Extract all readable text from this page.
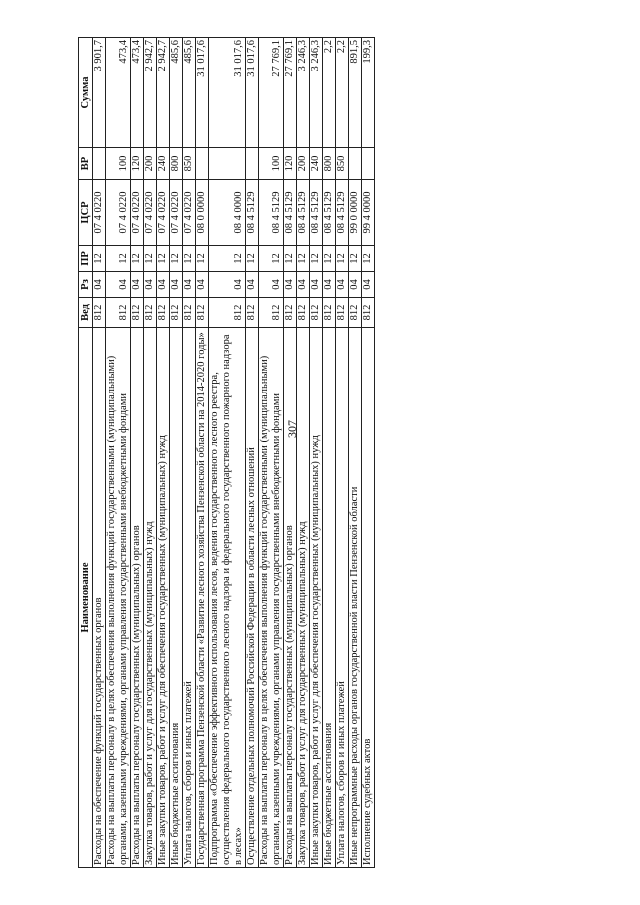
307
Наименование	Вед	Рз	ПР	ЦСР	ВР	Сумма
Расходы на обеспечение функций государственных органов	812	04	12	07 4 0220		3 901,7
Расходы на выплаты персоналу в целях обеспечения выполнения функций государственными (муниципальными) органами, казенными учреждениями, органами управления государственными внебюджетными фондами	812	04	12	07 4 0220	100	473,4
Расходы на выплаты персоналу государственных (муниципальных) органов	812	04	12	07 4 0220	120	473,4
Закупка товаров, работ и услуг для государственных (муниципальных) нужд	812	04	12	07 4 0220	200	2 942,7
Иные закупки товаров, работ и услуг для обеспечения государственных (муниципальных) нужд	812	04	12	07 4 0220	240	2 942,7
Иные бюджетные ассигнования	812	04	12	07 4 0220	800	485,6
Уплата налогов, сборов и иных платежей	812	04	12	07 4 0220	850	485,6
Государственная программа Пензенской области «Развитие лесного хозяйства Пензенской области на 2014-2020 годы»	812	04	12	08 0 0000		31 017,6
Подпрограмма «Обеспечение эффективного использования лесов, ведения государственного лесного реестра, осуществления федерального государственного лесного надзора и федерального государственного пожарного надзора в лесах»	812	04	12	08 4 0000		31 017,6
Осуществление отдельных полномочий Российской Федерации в области лесных отношений	812	04	12	08 4 5129		31 017,6
Расходы на выплаты персоналу в целях обеспечения выполнения функций государственными (муниципальными) органами, казенными учреждениями, органами управления государственными внебюджетными фондами	812	04	12	08 4 5129	100	27 769,1
Расходы на выплаты персоналу государственных (муниципальных) органов	812	04	12	08 4 5129	120	27 769,1
Закупка товаров, работ и услуг для государственных (муниципальных) нужд	812	04	12	08 4 5129	200	3 246,3
Иные закупки товаров, работ и услуг для обеспечения государственных (муниципальных) нужд	812	04	12	08 4 5129	240	3 246,3
Иные бюджетные ассигнования	812	04	12	08 4 5129	800	2,2
Уплата налогов, сборов и иных платежей	812	04	12	08 4 5129	850	2,2
Иные непрограммные расходы органов государственной власти Пензенской области	812	04	12	99 0 0000		891,5
Исполнение судебных актов	812	04	12	99 4 0000		199,3
